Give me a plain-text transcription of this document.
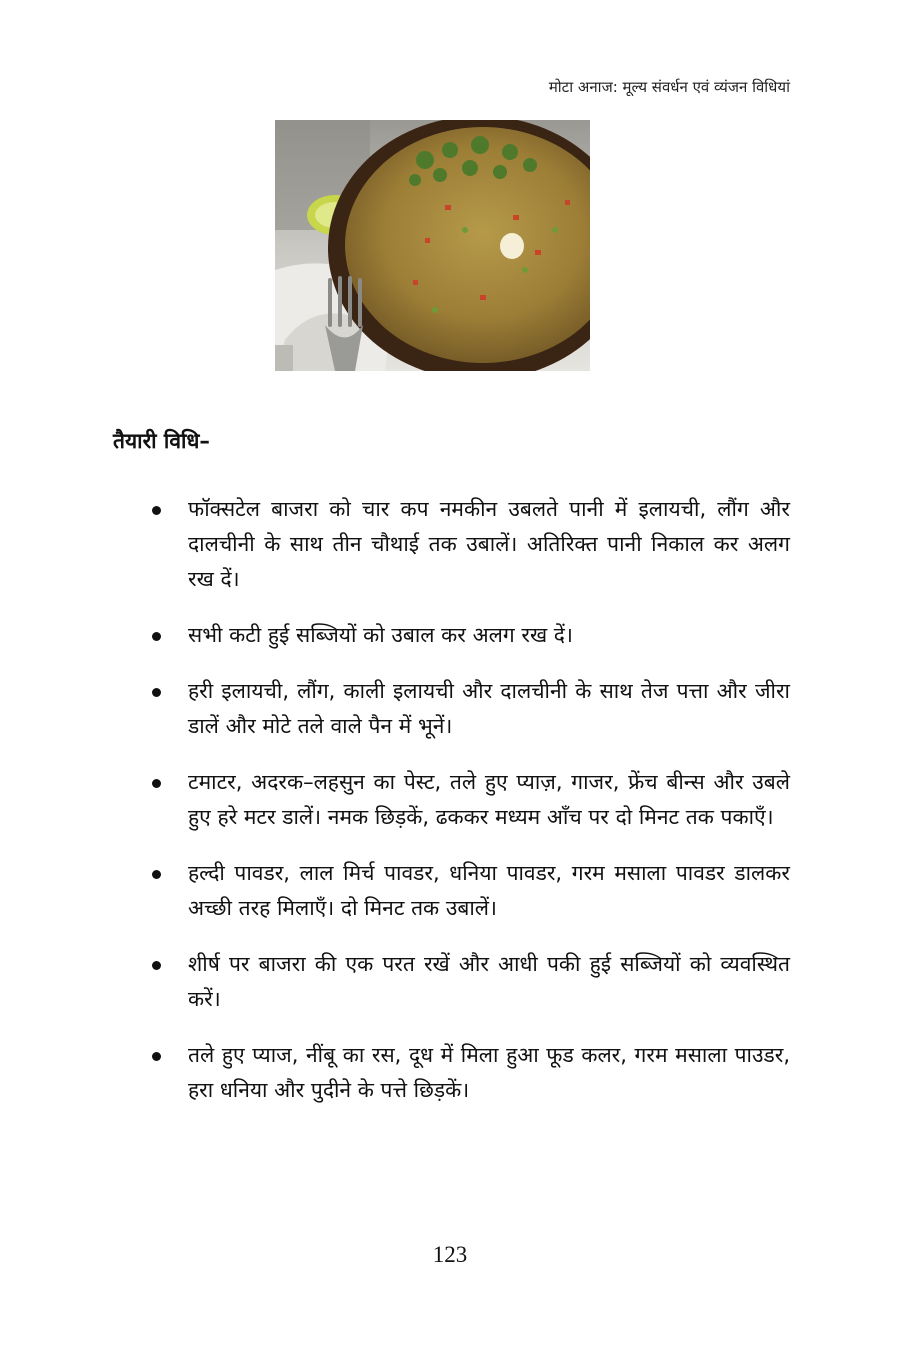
मोटा अनाज: मूल्य संवर्धन एवं व्यंजन विधियां
तैयारी विधि–
फॉक्सटेल बाजरा को चार कप नमकीन उबलते पानी में इलायची, लौंग और दालचीनी के साथ तीन चौथाई तक उबालें। अतिरिक्त पानी निकाल कर अलग रख दें।
सभी कटी हुई सब्जियों को उबाल कर अलग रख दें।
हरी इलायची, लौंग, काली इलायची और दालचीनी के साथ तेज पत्ता और जीरा डालें और मोटे तले वाले पैन में भूनें।
टमाटर, अदरक–लहसुन का पेस्ट, तले हुए प्याज़, गाजर, फ्रेंच बीन्स और उबले हुए हरे मटर डालें। नमक छिड़कें, ढककर मध्यम आँच पर दो मिनट तक पकाएँ।
हल्दी पावडर, लाल मिर्च पावडर, धनिया पावडर, गरम मसाला पावडर डालकर अच्छी तरह मिलाएँ। दो मिनट तक उबालें।
शीर्ष पर बाजरा की एक परत रखें और आधी पकी हुई सब्जियों को व्यवस्थित करें।
तले हुए प्याज, नींबू का रस, दूध में मिला हुआ फूड कलर, गरम मसाला पाउडर, हरा धनिया और पुदीने के पत्ते छिड़कें।
123
